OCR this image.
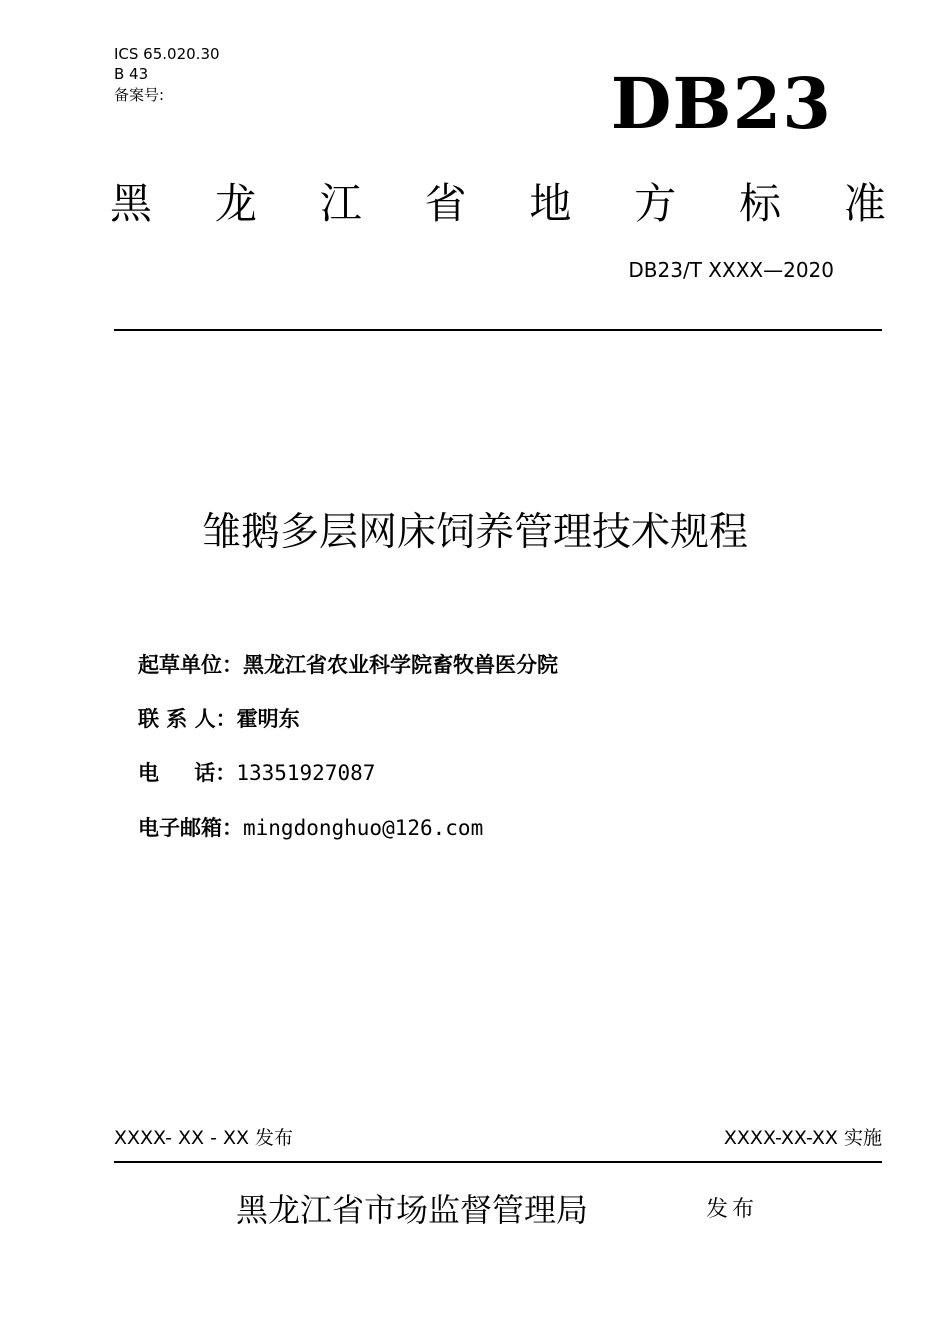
ICS 65.020.30
B 43
备案号:	DB23
黑 龙 江 省 地 方 标 准
DB23/T XXXX—2020
雏鹅多层网床饲养管理技术规程
起草单位：黑龙江省农业科学院畜牧兽医分院
联 系 人：霍明东
电 话：13351927087
电子邮箱：mingdonghuo@126.com
XXXX- XX - XX 发布	XXXX-XX-XX 实施
黑龙江省市场监督管理局	发布
